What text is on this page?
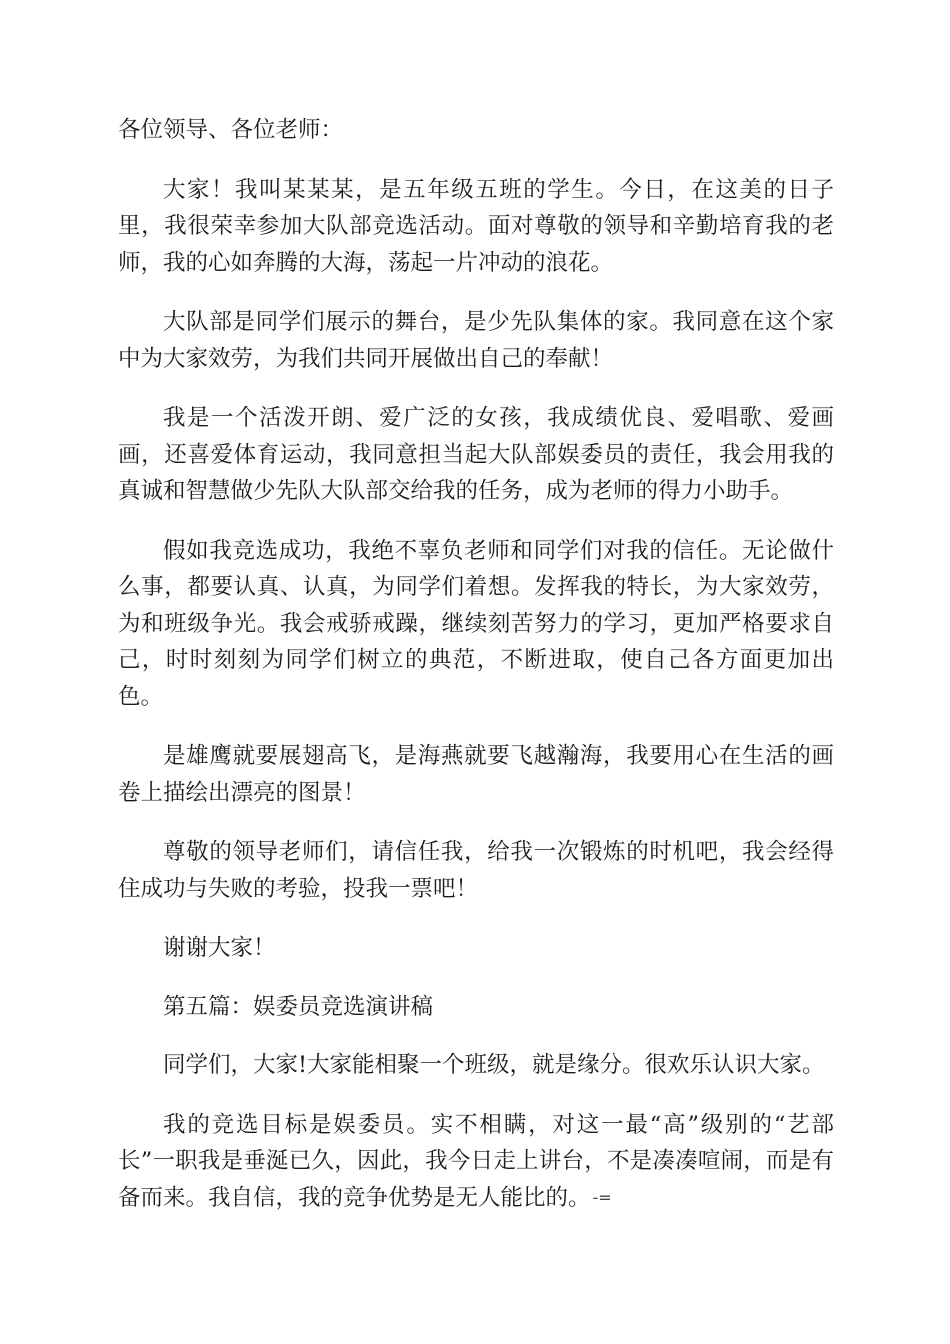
各位领导、各位老师：

大家！我叫某某某，是五年级五班的学生。今日，在这美的日子里，我很荣幸参加大队部竞选活动。面对尊敬的领导和辛勤培育我的老师，我的心如奔腾的大海，荡起一片冲动的浪花。

大队部是同学们展示的舞台，是少先队集体的家。我同意在这个家中为大家效劳，为我们共同开展做出自己的奉献！

我是一个活泼开朗、爱广泛的女孩，我成绩优良、爱唱歌、爱画画，还喜爱体育运动，我同意担当起大队部娱委员的责任，我会用我的真诚和智慧做少先队大队部交给我的任务，成为老师的得力小助手。

假如我竞选成功，我绝不辜负老师和同学们对我的信任。无论做什么事，都要认真、认真，为同学们着想。发挥我的特长，为大家效劳，为和班级争光。我会戒骄戒躁，继续刻苦努力的学习，更加严格要求自己，时时刻刻为同学们树立的典范，不断进取，使自己各方面更加出色。

是雄鹰就要展翅高飞，是海燕就要飞越瀚海，我要用心在生活的画卷上描绘出漂亮的图景！

尊敬的领导老师们，请信任我，给我一次锻炼的时机吧，我会经得住成功与失败的考验，投我一票吧！

谢谢大家！

第五篇：娱委员竞选演讲稿

同学们，大家!大家能相聚一个班级，就是缘分。很欢乐认识大家。

我的竞选目标是娱委员。实不相瞒，对这一最“高”级别的“艺部长”一职我是垂涎已久，因此，我今日走上讲台，不是凑凑喧闹，而是有备而来。我自信，我的竞争优势是无人能比的。 -=
